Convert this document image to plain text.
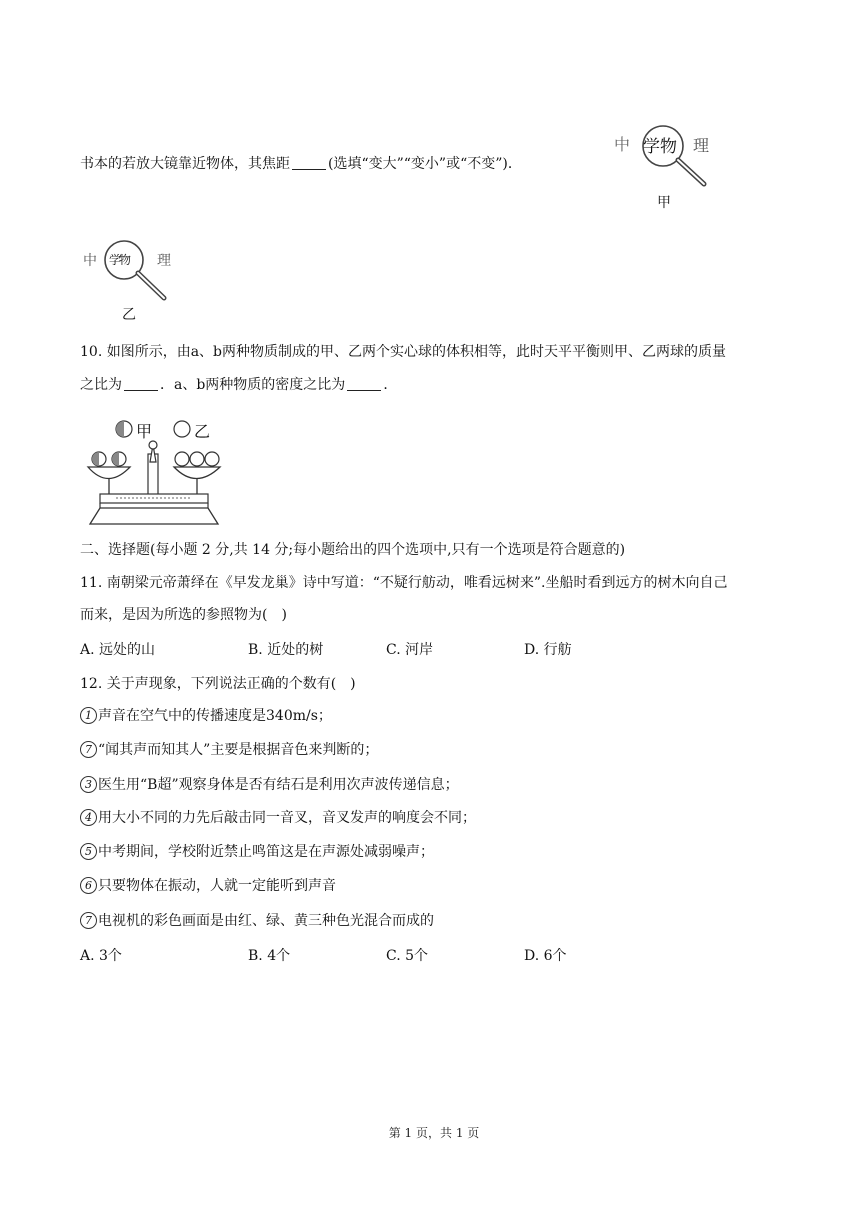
书本的若放大镜靠近物体，其焦距	(选填“变大”“变小”或“不变”)．
中 学物 理
甲
中 学物 理
乙
10. 如图所示，由a、b两种物质制成的甲、乙两个实心球的体积相等，此时天平平衡则甲、乙两球的质量
之比为	．a、b两种物质的密度之比为	．
甲	乙
二、选择题(每小题 2 分,共 14 分;每小题给出的四个选项中,只有一个选项是符合题意的)
11. 南朝梁元帝萧绎在《早发龙巢》诗中写道：“不疑行舫动，唯看远树来”.坐船时看到远方的树木向自己
而来，是因为所选的参照物为(　)
A. 远处的山	B. 近处的树	C. 河岸	D. 行舫
12. 关于声现象，下列说法正确的个数有(　)
1 声音在空气中的传播速度是340m/s；
7 “闻其声而知其人”主要是根据音色来判断的；
3 医生用“B超”观察身体是否有结石是利用次声波传递信息；
4 用大小不同的力先后敲击同一音叉，音叉发声的响度会不同；
5 中考期间，学校附近禁止鸣笛这是在声源处减弱噪声；
6 只要物体在振动，人就一定能听到声音
7 电视机的彩色画面是由红、绿、黄三种色光混合而成的
A. 3个	B. 4个	C. 5个	D. 6个
第 1 页，共 1 页
